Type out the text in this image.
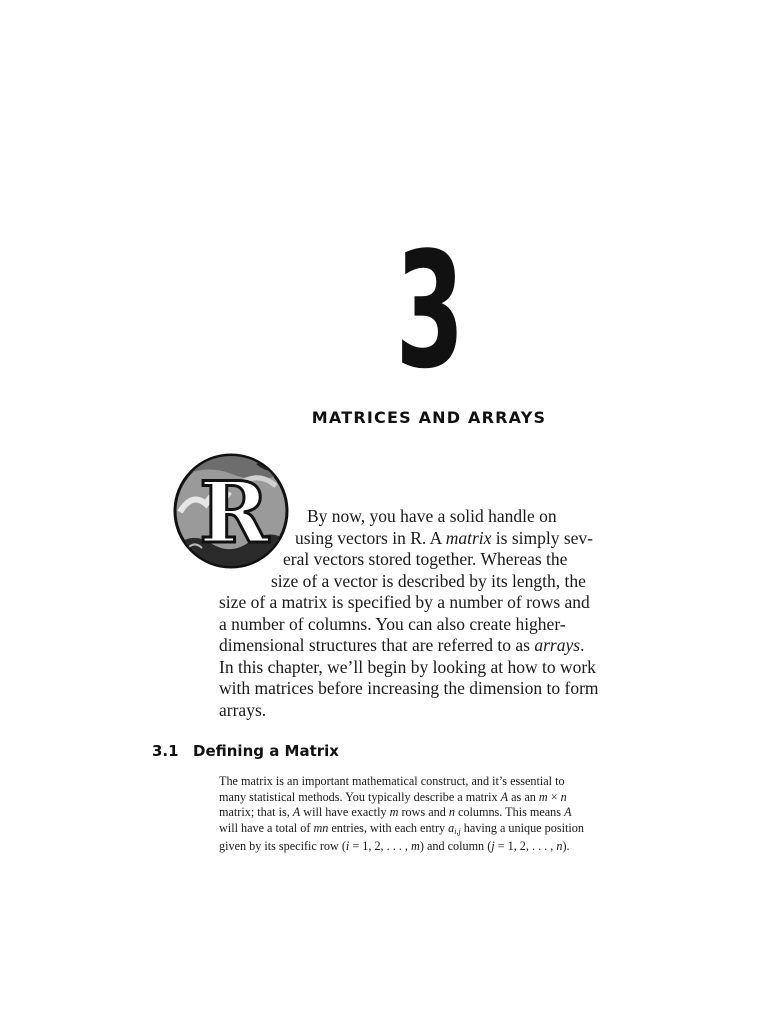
3
MATRICES AND ARRAYS
R	By now, you have a solid handle on
using vectors in R. A matrix is simply sev-
eral vectors stored together. Whereas the
size of a vector is described by its length, the
size of a matrix is specified by a number of rows and
a number of columns. You can also create higher-
dimensional structures that are referred to as arrays.
In this chapter, we’ll begin by looking at how to work
with matrices before increasing the dimension to form
arrays.
3.1 Defining a Matrix
The matrix is an important mathematical construct, and it’s essential to
many statistical methods. You typically describe a matrix A as an m × n
matrix; that is, A will have exactly m rows and n columns. This means A
will have a total of mn entries, with each entry $a_{i,j}$ having a unique position
given by its specific row (i = 1, 2, . . . , m) and column (j = 1, 2, . . . , n).
